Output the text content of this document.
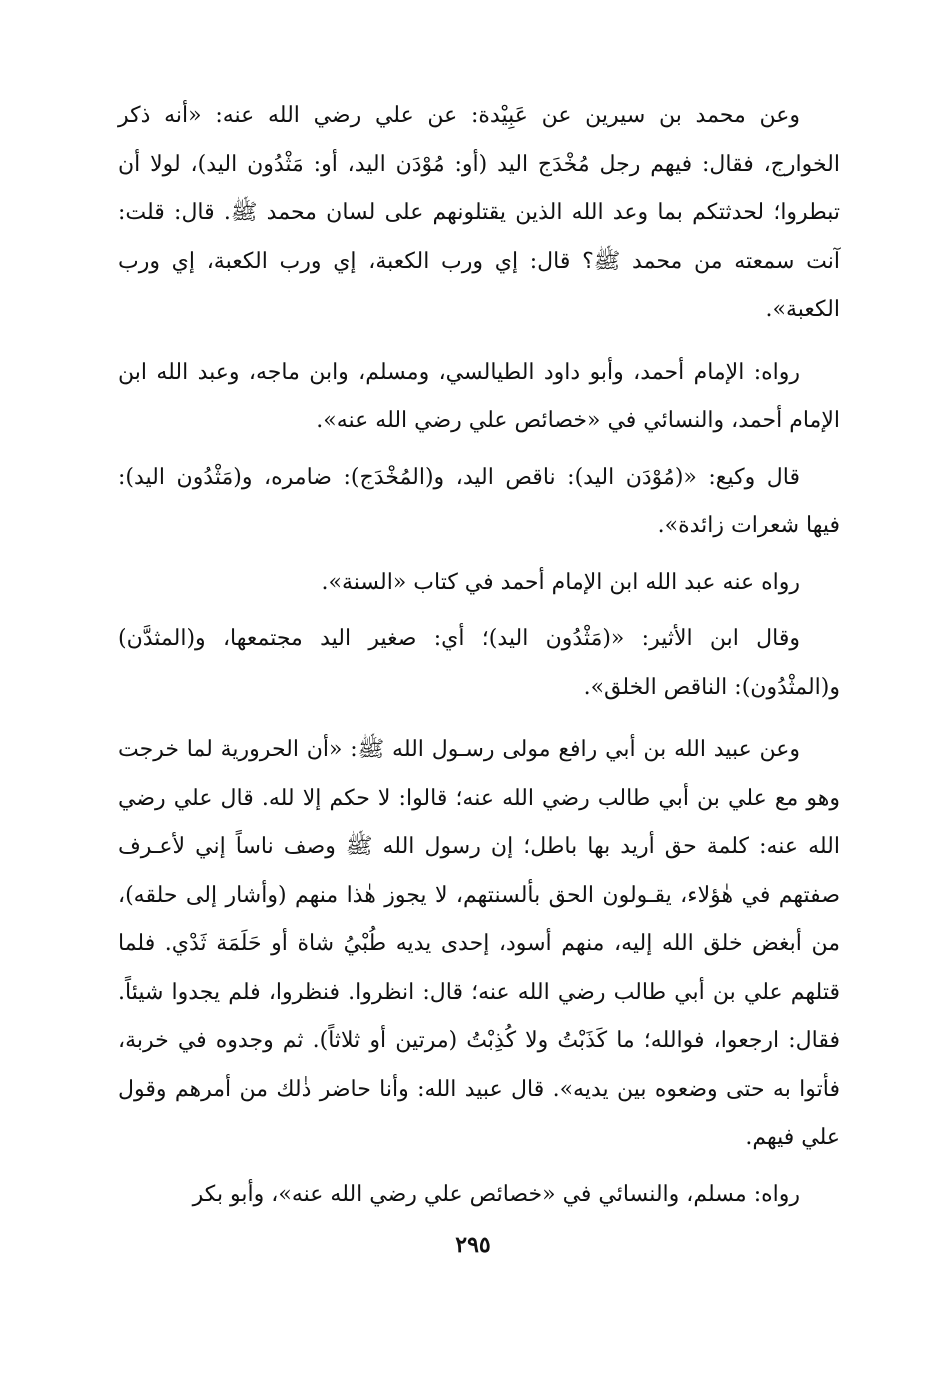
وعن محمد بن سيرين عن عَبِيْدة: عن علي رضي الله عنه: «أنه ذكر الخوارج، فقال: فيهم رجل مُخْدَج اليد (أو: مُوْدَن اليد، أو: مَثْدُون اليد)، لولا أن تبطروا؛ لحدثتكم بما وعد الله الذين يقتلونهم على لسان محمد ﷺ. قال: قلت: آنت سمعته من محمد ﷺ؟ قال: إي ورب الكعبة، إي ورب الكعبة، إي ورب الكعبة».

رواه: الإمام أحمد، وأبو داود الطيالسي، ومسلم، وابن ماجه، وعبد الله ابن الإمام أحمد، والنسائي في «خصائص علي رضي الله عنه».

قال وكيع: «(مُوْدَن اليد): ناقص اليد، و(المُخْدَج): ضامره، و(مَثْدُون اليد): فيها شعرات زائدة».

رواه عنه عبد الله ابن الإمام أحمد في كتاب «السنة».

وقال ابن الأثير: «(مَثْدُون اليد)؛ أي: صغير اليد مجتمعها، و(المثدَّن) و(المثْدُون): الناقص الخلق».

وعن عبيد الله بن أبي رافع مولى رسـول الله ﷺ: «أن الحرورية لما خرجت وهو مع علي بن أبي طالب رضي الله عنه؛ قالوا: لا حكم إلا لله. قال علي رضي الله عنه: كلمة حق أريد بها باطل؛ إن رسول الله ﷺ وصف ناساً إني لأعـرف صفتهم في هٰؤلاء، يقـولون الحق بألسنتهم، لا يجوز هٰذا منهم (وأشار إلى حلقه)، من أبغض خلق الله إليه، منهم أسود، إحدى يديه طُبْيُ شاة أو حَلَمَة ثَدْي. فلما قتلهم علي بن أبي طالب رضي الله عنه؛ قال: انظروا. فنظروا، فلم يجدوا شيئاً. فقال: ارجعوا، فوالله؛ ما كَذَبْتُ ولا كُذِبْتُ (مرتين أو ثلاثاً). ثم وجدوه في خربة، فأتوا به حتى وضعوه بين يديه». قال عبيد الله: وأنا حاضر ذٰلك من أمرهم وقول علي فيهم.

رواه: مسلم، والنسائي في «خصائص علي رضي الله عنه»، وأبو بكر

٢٩٥
